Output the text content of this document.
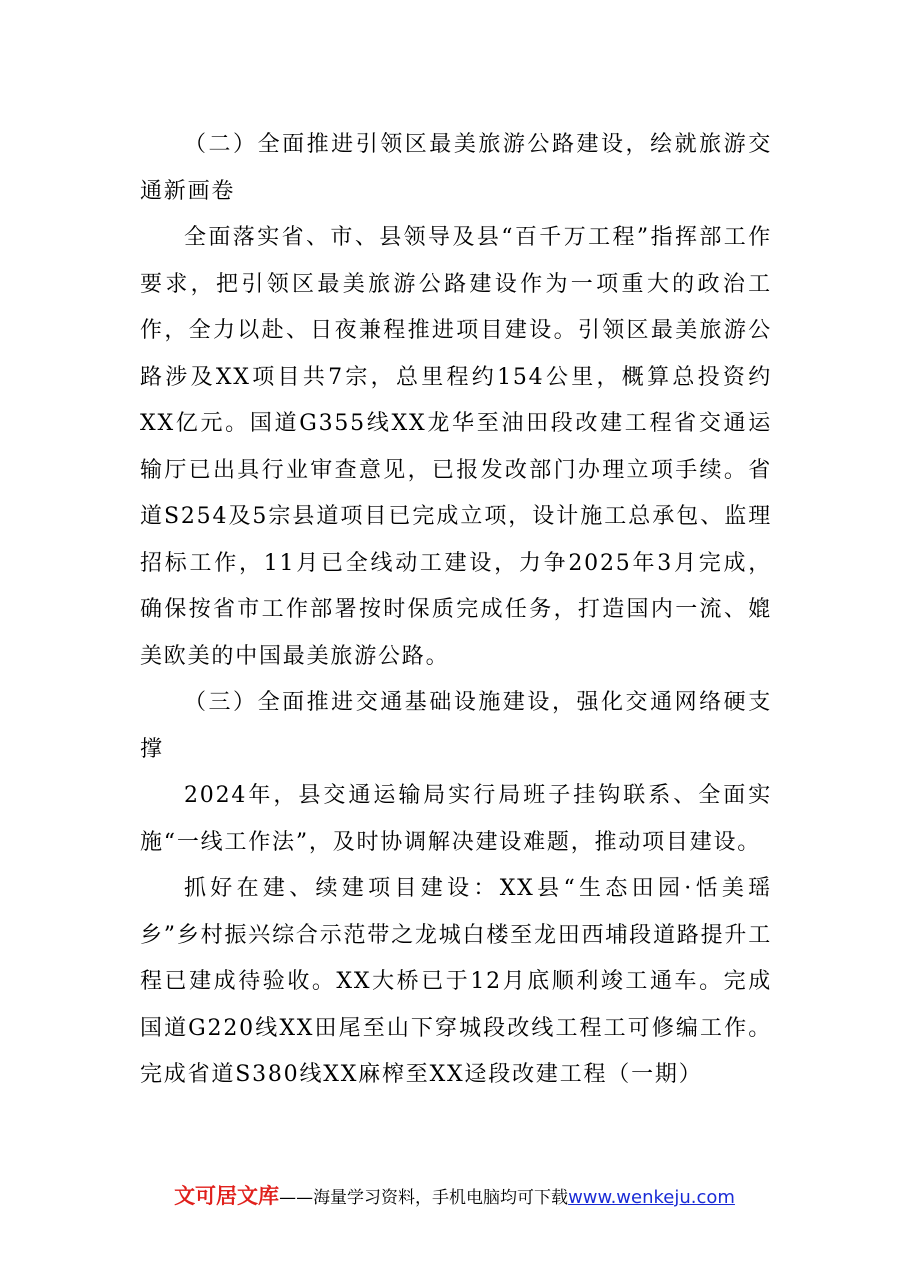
（二）全面推进引领区最美旅游公路建设，绘就旅游交通新画卷

全面落实省、市、县领导及县“百千万工程”指挥部工作要求，把引领区最美旅游公路建设作为一项重大的政治工作，全力以赴、日夜兼程推进项目建设。引领区最美旅游公路涉及XX项目共7宗，总里程约154公里，概算总投资约XX亿元。国道G355线XX龙华至油田段改建工程省交通运输厅已出具行业审查意见，已报发改部门办理立项手续。省道S254及5宗县道项目已完成立项，设计施工总承包、监理招标工作，11月已全线动工建设，力争2025年3月完成，确保按省市工作部署按时保质完成任务，打造国内一流、媲美欧美的中国最美旅游公路。

（三）全面推进交通基础设施建设，强化交通网络硬支撑

2024年，县交通运输局实行局班子挂钩联系、全面实施“一线工作法”，及时协调解决建设难题，推动项目建设。

抓好在建、续建项目建设：XX县“生态田园·恬美瑶乡”乡村振兴综合示范带之龙城白楼至龙田西埔段道路提升工程已建成待验收。XX大桥已于12月底顺利竣工通车。完成国道G220线XX田尾至山下穿城段改线工程工可修编工作。完成省道S380线XX麻榨至XX迳段改建工程（一期）

文可居文库——海量学习资料，手机电脑均可下载www.wenkeju.com
